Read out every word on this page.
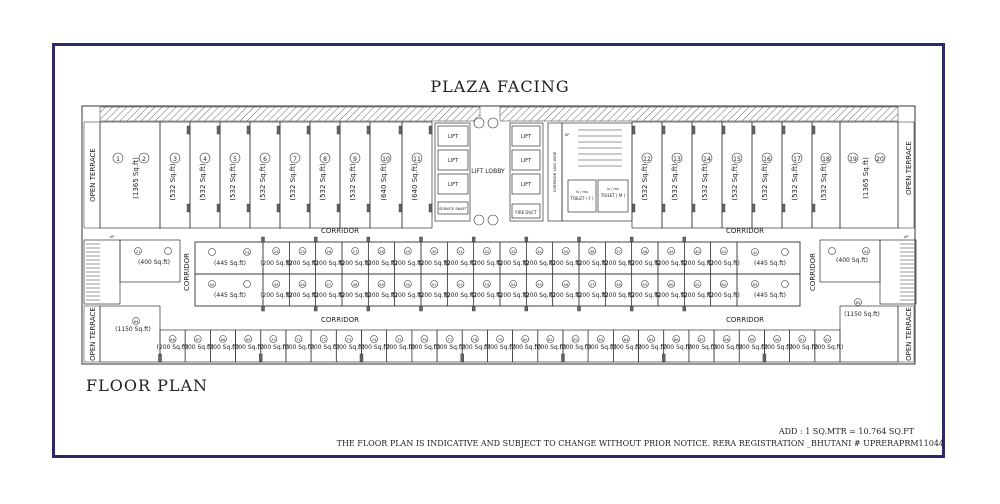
PLAZA FACING
FLOOR PLAN
ADD : 1 SQ.MTR = 10.764 SQ.FT
THE FLOOR PLAN IS INDICATIVE AND SUBJECT TO CHANGE WITHOUT PRIOR NOTICE. RERA REGISTRATION _BHUTANI # UPRERAPRM11044
1	2
(1365 Sq.ft)	3
(532 Sq.ft)
4
(532 Sq.ft)
5
(532 Sq.ft)
6
(532 Sq.ft)
7
(532 Sq.ft)
8
(532 Sq.ft)
9
(532 Sq.ft)
10
(640 Sq.ft)
11
(640 Sq.ft)
12
(532 Sq.ft)
13
(532 Sq.ft)
14
(532 Sq.ft)
15
(532 Sq.ft)
16
(532 Sq.ft)
17
(532 Sq.ft)
18
(532 Sq.ft)
19	20
(1365 Sq.ft)
LIFT
LIFT
LIFT
SERVICE SHAFT
LIFT LOBBY
LIFT
LIFT
LIFT
FIRE DUCT
CORRIDOR 1800 WIDE	ls / ms
TOILET ( F )
ls / ms
TOILET ( M )
UP
CORRIDOR	CORRIDOR
CORRIDOR	CORRIDOR
CORRIDOR	CORRIDOR
OPEN TERRACE	OPEN TERRACE
OPEN TERRACE	OPEN TERRACE
UP	UP
21
(400 Sq.ft)
43
(400 Sq.ft)
23
(445 Sq.ft)
42
(445 Sq.ft)
44
(445 Sq.ft)
63
(445 Sq.ft)
24
(200 Sq.ft)
45
(200 Sq.ft)
25
(200 Sq.ft)
46
(200 Sq.ft)
26
(200 Sq.ft)
47
(200 Sq.ft)
27
(200 Sq.ft)
48
(200 Sq.ft)
28
(200 Sq.ft)
49
(200 Sq.ft)
29
(200 Sq.ft)
50
(200 Sq.ft)
30
(200 Sq.ft)
51
(200 Sq.ft)
31
(200 Sq.ft)
52
(200 Sq.ft)
32
(200 Sq.ft)
53
(200 Sq.ft)
33
(200 Sq.ft)
54
(200 Sq.ft)
34
(200 Sq.ft)
55
(200 Sq.ft)
35
(200 Sq.ft)
56
(200 Sq.ft)
36
(200 Sq.ft)
57
(200 Sq.ft)
37
(200 Sq.ft)
58
(200 Sq.ft)
38
(200 Sq.ft)
59
(200 Sq.ft)
39
(200 Sq.ft)
60
(200 Sq.ft)
40
(200 Sq.ft)
61
(200 Sq.ft)
41
(200 Sq.ft)
62
(200 Sq.ft)
64
(1150 Sq.ft)
65
(1150 Sq.ft)
66
(200 Sq.ft)
67
(200 Sq.ft)
68
(200 Sq.ft)
69
(200 Sq.ft)
70
(200 Sq.ft)
71
(200 Sq.ft)
72
(200 Sq.ft)
73
(200 Sq.ft)
74
(200 Sq.ft)
75
(200 Sq.ft)
76
(200 Sq.ft)
77
(200 Sq.ft)
78
(200 Sq.ft)
79
(200 Sq.ft)
80
(200 Sq.ft)
81
(200 Sq.ft)
82
(200 Sq.ft)
83
(200 Sq.ft)
84
(200 Sq.ft)
85
(200 Sq.ft)
86
(200 Sq.ft)
87
(200 Sq.ft)
88
(200 Sq.ft)
89
(200 Sq.ft)
90
(200 Sq.ft)
91
(200 Sq.ft)
92
(200 Sq.ft)
